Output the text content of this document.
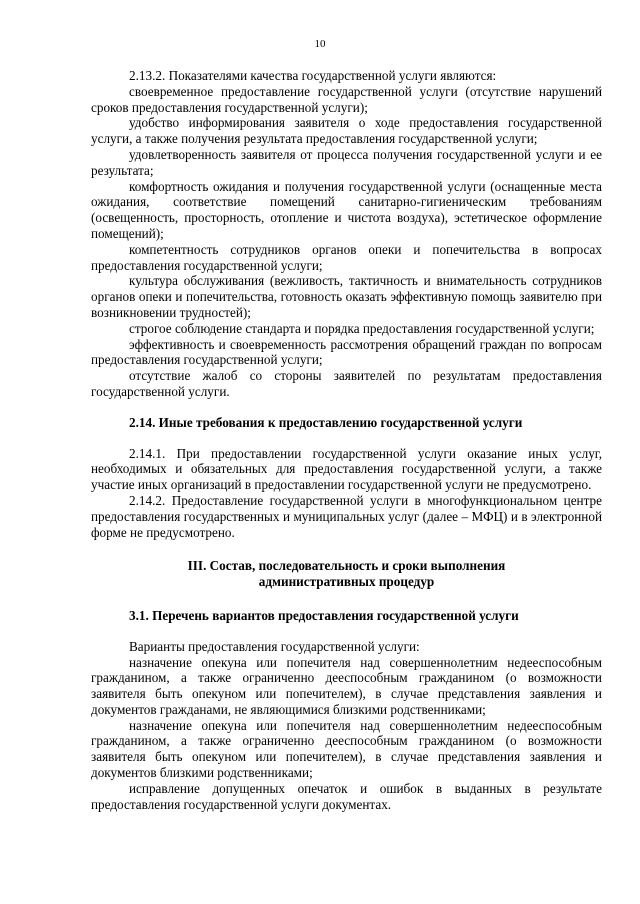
10

2.13.2. Показателями качества государственной услуги являются:

своевременное предоставление государственной услуги (отсутствие нарушений сроков предоставления государственной услуги);

удобство информирования заявителя о ходе предоставления государственной услуги, а также получения результата предоставления государственной услуги;

удовлетворенность заявителя от процесса получения государственной услуги и ее результата;

комфортность ожидания и получения государственной услуги (оснащенные места ожидания, соответствие помещений санитарно-гигиеническим требованиям (освещенность, просторность, отопление и чистота воздуха), эстетическое оформление помещений);

компетентность сотрудников органов опеки и попечительства в вопросах предоставления государственной услуги;

культура обслуживания (вежливость, тактичность и внимательность сотрудников органов опеки и попечительства, готовность оказать эффективную помощь заявителю при возникновении трудностей);

строгое соблюдение стандарта и порядка предоставления государственной услуги;

эффективность и своевременность рассмотрения обращений граждан по вопросам предоставления государственной услуги;

отсутствие жалоб со стороны заявителей по результатам предоставления государственной услуги.

2.14. Иные требования к предоставлению государственной услуги

2.14.1. При предоставлении государственной услуги оказание иных услуг, необходимых и обязательных для предоставления государственной услуги, а также участие иных организаций в предоставлении государственной услуги не предусмотрено.

2.14.2. Предоставление государственной услуги в многофункциональном центре предоставления государственных и муниципальных услуг (далее – МФЦ) и в электронной форме не предусмотрено.

III. Состав, последовательность и сроки выполнения
административных процедур
3.1. Перечень вариантов предоставления государственной услуги

Варианты предоставления государственной услуги:

назначение опекуна или попечителя над совершеннолетним недееспособным гражданином, а также ограниченно дееспособным гражданином (о возможности заявителя быть опекуном или попечителем), в случае представления заявления и документов гражданами, не являющимися близкими родственниками;

назначение опекуна или попечителя над совершеннолетним недееспособным гражданином, а также ограниченно дееспособным гражданином (о возможности заявителя быть опекуном или попечителем), в случае представления заявления и документов близкими родственниками;

исправление допущенных опечаток и ошибок в выданных в результате предоставления государственной услуги документах.
